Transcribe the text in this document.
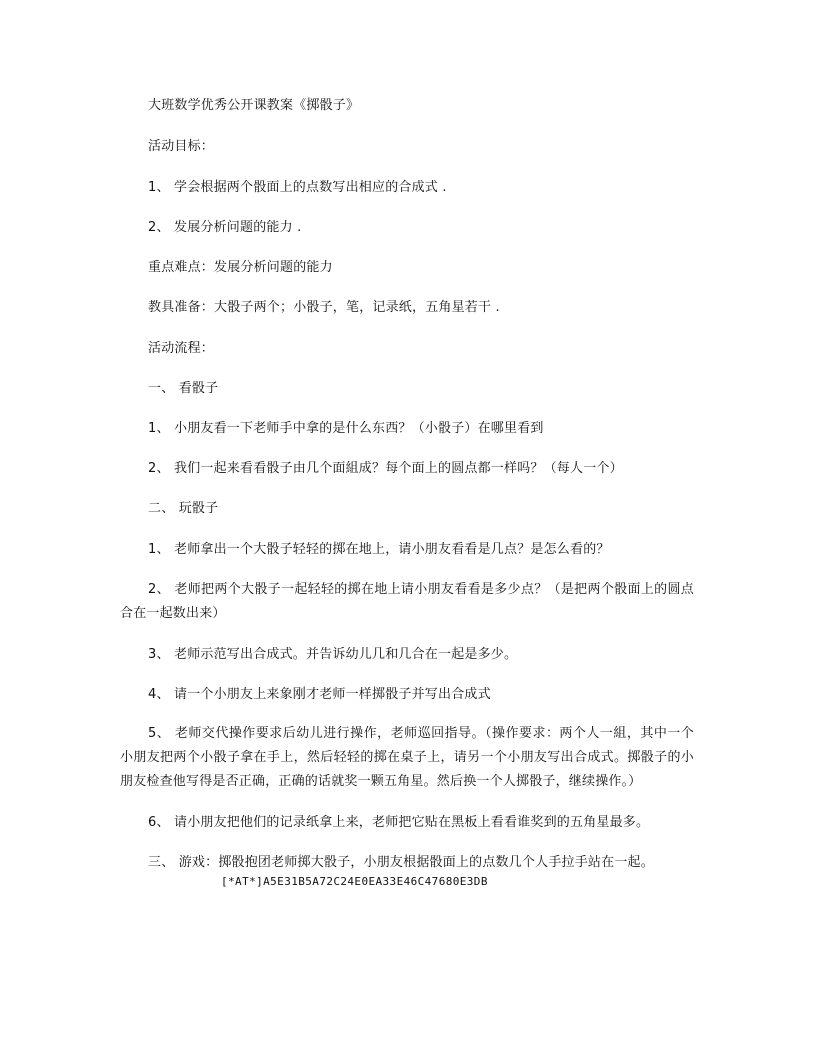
大班数学优秀公开课教案《掷骰子》
活动目标：
1、 学会根据两个骰面上的点数写出相应的合成式 .
2、 发展分析问题的能力 .
重点难点：发展分析问题的能力
教具准备：大骰子两个；小骰子，笔，记录纸，五角星若干 .
活动流程：
一、 看骰子
1、 小朋友看一下老师手中拿的是什么东西？（小骰子）在哪里看到
2、 我们一起来看看骰子由几个面組成？每个面上的圆点都一样吗？（每人一个）
二、 玩骰子
1、 老师拿出一个大骰子轻轻的掷在地上，请小朋友看看是几点？是怎么看的？
2、 老师把两个大骰子一起轻轻的掷在地上请小朋友看看是多少点？（是把两个骰面上的圆点合在一起数出来）
3、 老师示范写出合成式。并告诉幼儿几和几合在一起是多少。
4、 请一个小朋友上来象刚才老师一样掷骰子并写出合成式
5、 老师交代操作要求后幼儿进行操作，老师巡回指导。（操作要求：两个人一組，其中一个小朋友把两个小骰子拿在手上，然后轻轻的掷在桌子上，请另一个小朋友写出合成式。掷骰子的小朋友检查他写得是否正确，正确的话就奖一颗五角星。然后换一个人掷骰子，继续操作。）
6、 请小朋友把他们的记录纸拿上来，老师把它贴在黑板上看看谁奖到的五角星最多。
三、 游戏：掷骰抱团老师掷大骰子，小朋友根据骰面上的点数几个人手拉手站在一起。
[*AT*]A5E31B5A72C24E0EA33E46C47680E3DB
